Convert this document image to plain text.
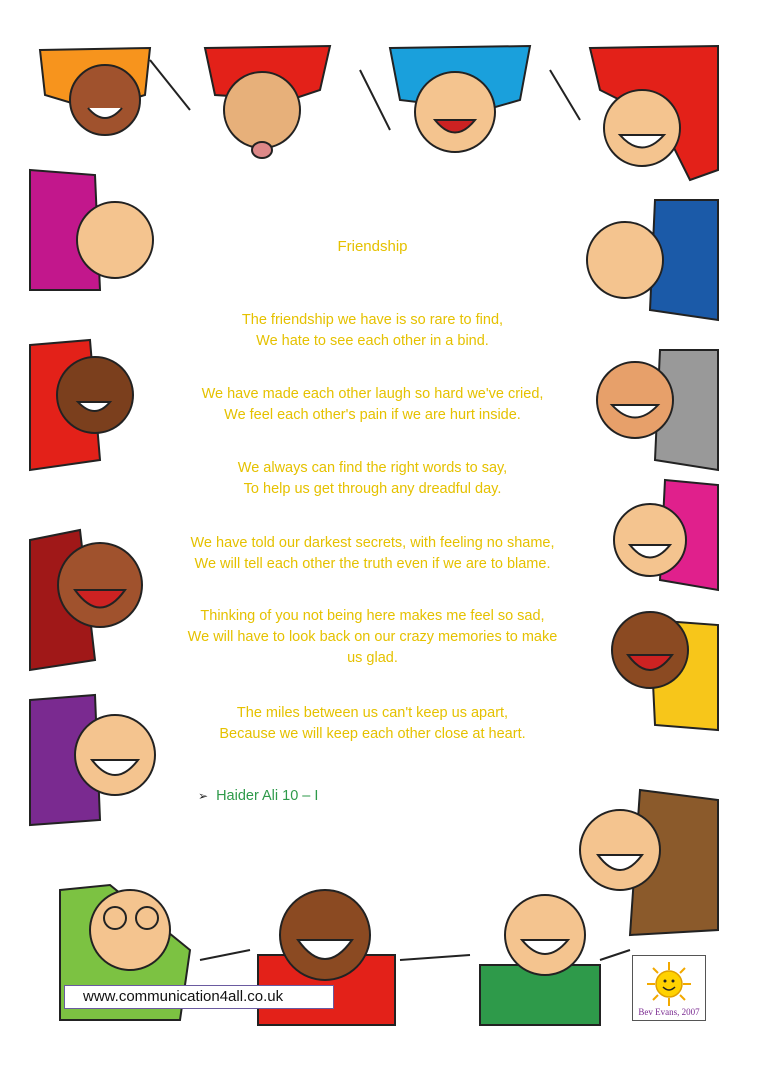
Friendship

The friendship we have is so rare to find,

We hate to see each other in a bind.

We have made each other laugh so hard we've cried,

We feel each other's pain if we are hurt inside.

We always can find the right words to say,

To help us get through any dreadful day.

We have told our darkest secrets, with feeling no shame,

We will tell each other the truth even if we are to blame.

Thinking of you not being here makes me feel so sad,

We will have to look back on our crazy memories to make

us glad.

The miles between us can't keep us apart,

Because we will keep each other close at heart.

➢ Haider Ali 10 – I
www.communication4all.co.uk
Bev Evans, 2007
